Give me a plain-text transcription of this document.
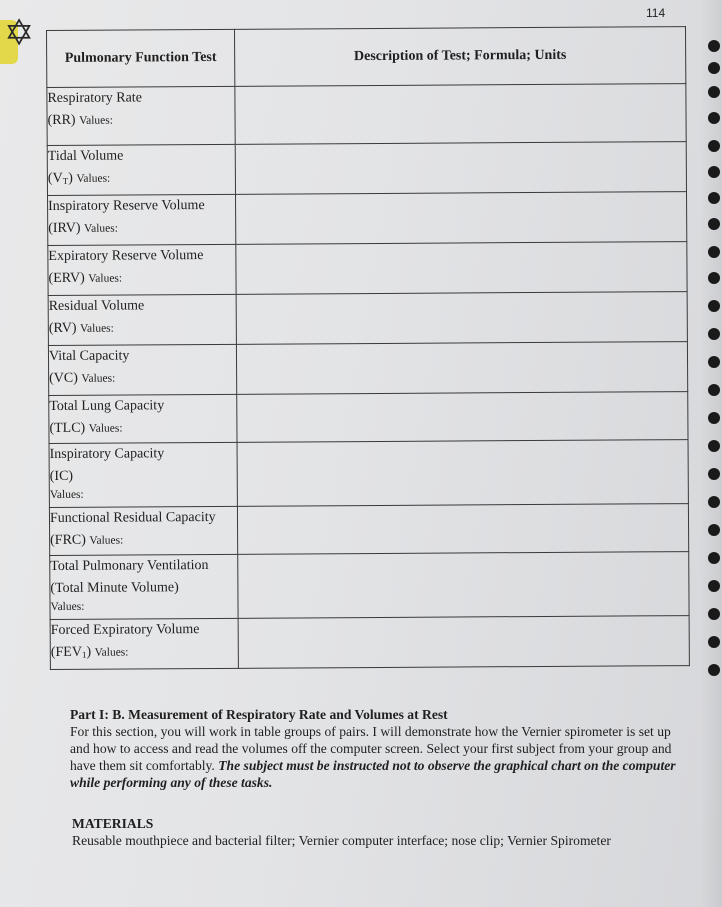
✡	114
Pulmonary Function Test	Description of Test; Formula; Units

Respiratory Rate
(RR) Values:	

Tidal Volume
$(V_T)$ Values:	

Inspiratory Reserve Volume
(IRV) Values:	

Expiratory Reserve Volume
(ERV) Values:	

Residual Volume
(RV) Values:	

Vital Capacity
(VC) Values:	

Total Lung Capacity
(TLC) Values:	

Inspiratory Capacity
(IC)
Values:	

Functional Residual Capacity
(FRC) Values:	

Total Pulmonary Ventilation
(Total Minute Volume)
Values:	

Forced Expiratory Volume
$(FEV_1)$ Values:	

Part I: B. Measurement of Respiratory Rate and Volumes at Rest
For this section, you will work in table groups of pairs. I will demonstrate how the Vernier spirometer is set up and how to access and read the volumes off the computer screen. Select your first subject from your group and have them sit comfortably. The subject must be instructed not to observe the graphical chart on the computer while performing any of these tasks.
MATERIALS
Reusable mouthpiece and bacterial filter; Vernier computer interface; nose clip; Vernier Spirometer
